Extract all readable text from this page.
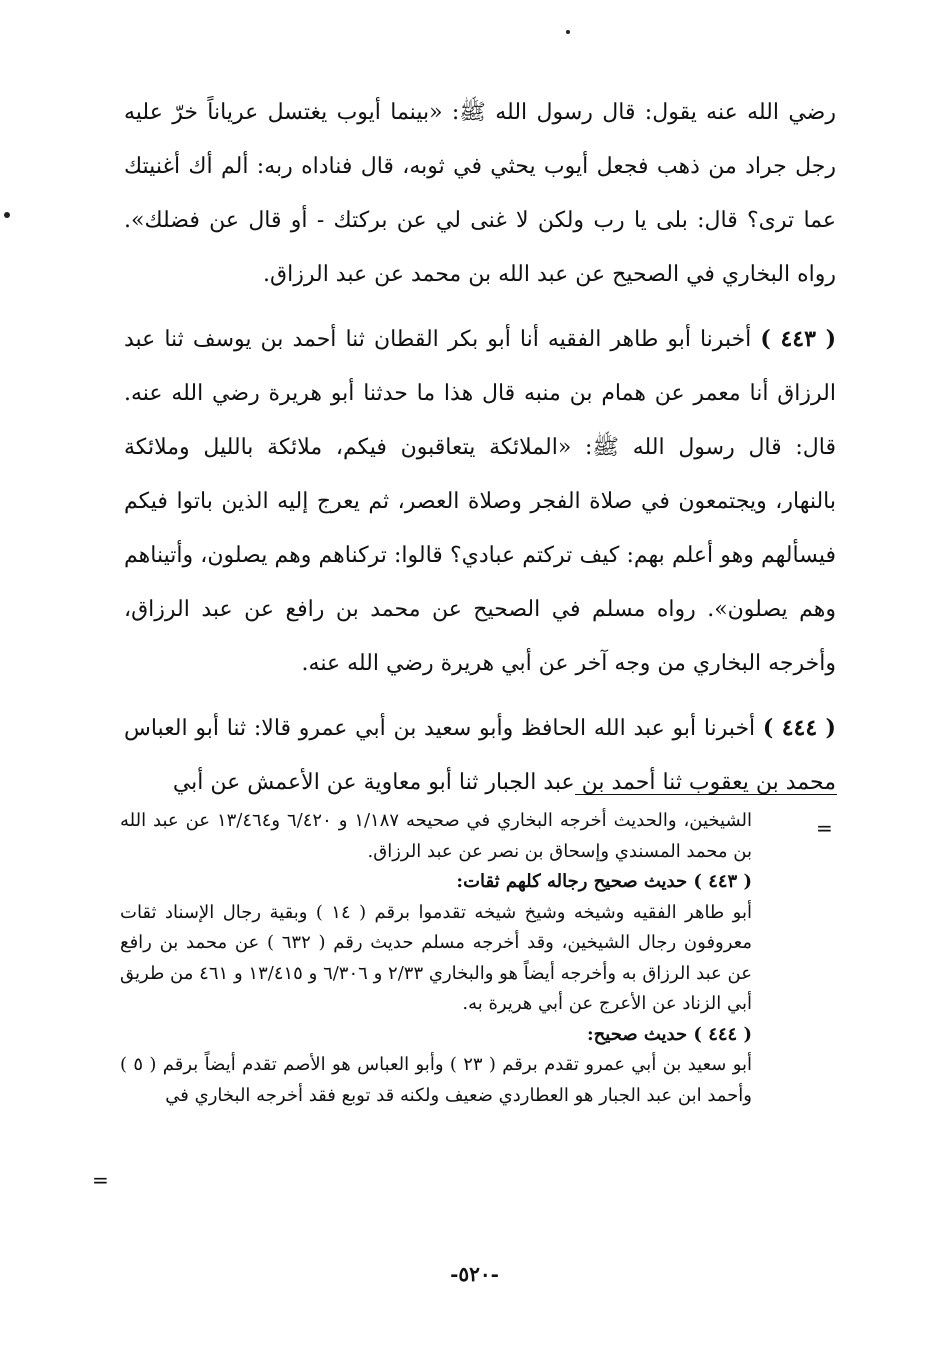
رضي الله عنه يقول: قال رسول الله ﷺ: «بينما أيوب يغتسل عرياناً خرّ عليه رجل جراد من ذهب فجعل أيوب يحثي في ثوبه، قال فناداه ربه: ألم أك أغنيتك عما ترى؟ قال: بلى يا رب ولكن لا غنى لي عن بركتك - أو قال عن فضلك». رواه البخاري في الصحيح عن عبد الله بن محمد عن عبد الرزاق.

( ٤٤٣ ) أخبرنا أبو طاهر الفقيه أنا أبو بكر القطان ثنا أحمد بن يوسف ثنا عبد الرزاق أنا معمر عن همام بن منبه قال هذا ما حدثنا أبو هريرة رضي الله عنه. قال: قال رسول الله ﷺ: «الملائكة يتعاقبون فيكم، ملائكة بالليل وملائكة بالنهار، ويجتمعون في صلاة الفجر وصلاة العصر، ثم يعرج إليه الذين باتوا فيكم فيسألهم وهو أعلم بهم: كيف تركتم عبادي؟ قالوا: تركناهم وهم يصلون، وأتيناهم وهم يصلون». رواه مسلم في الصحيح عن محمد بن رافع عن عبد الرزاق، وأخرجه البخاري من وجه آخر عن أبي هريرة رضي الله عنه.

( ٤٤٤ ) أخبرنا أبو عبد الله الحافظ وأبو سعيد بن أبي عمرو قالا: ثنا أبو العباس محمد بن يعقوب ثنا أحمد بن عبد الجبار ثنا أبو معاوية عن الأعمش عن أبي

=

الشيخين، والحديث أخرجه البخاري في صحيحه ١/١٨٧ و ٦/٤٢٠ و١٣/٤٦٤ عن عبد الله بن محمد المسندي وإسحاق بن نصر عن عبد الرزاق.

( ٤٤٣ ) حديث صحيح رجاله كلهم ثقات:

أبو طاهر الفقيه وشيخه وشيخ شيخه تقدموا برقم ( ١٤ ) وبقية رجال الإسناد ثقات معروفون رجال الشيخين، وقد أخرجه مسلم حديث رقم ( ٦٣٢ ) عن محمد بن رافع عن عبد الرزاق به وأخرجه أيضاً هو والبخاري ٢/٣٣ و ٦/٣٠٦ و ١٣/٤١٥ و ٤٦١ من طريق أبي الزناد عن الأعرج عن أبي هريرة به.

( ٤٤٤ ) حديث صحيح:

أبو سعيد بن أبي عمرو تقدم برقم ( ٢٣ ) وأبو العباس هو الأصم تقدم أيضاً برقم ( ٥ ) وأحمد ابن عبد الجبار هو العطاردي ضعيف ولكنه قد توبع فقد أخرجه البخاري في

=
-٥٢٠-
